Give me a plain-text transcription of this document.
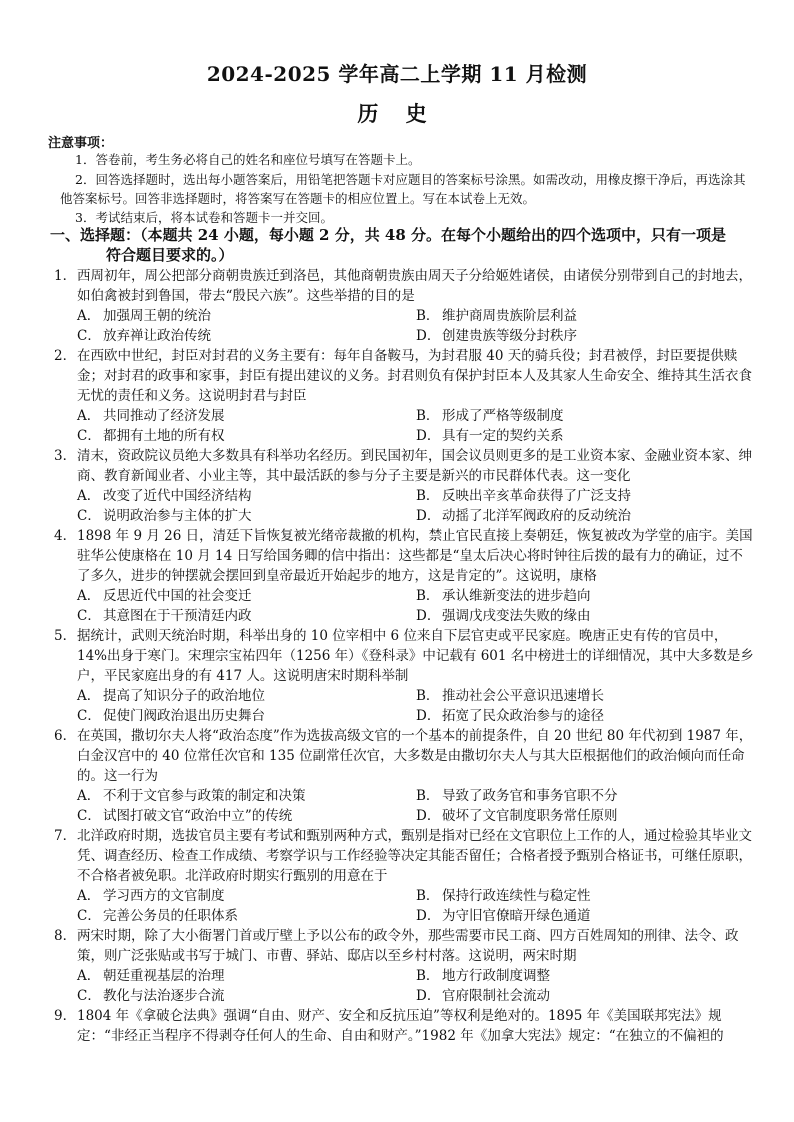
2024-2025 学年高二上学期 11 月检测
历 史
注意事项：
1．答卷前，考生务必将自己的姓名和座位号填写在答题卡上。
2．回答选择题时，选出每小题答案后，用铅笔把答题卡对应题目的答案标号涂黑。如需改动，用橡皮擦干净后，再选涂其他答案标号。回答非选择题时，将答案写在答题卡的相应位置上。写在本试卷上无效。
3．考试结束后，将本试卷和答题卡一并交回。
一、选择题：（本题共 24 小题，每小题 2 分，共 48 分。在每个小题给出的四个选项中，只有一项是
符合题目要求的。）
1． 西周初年，周公把部分商朝贵族迁到洛邑，其他商朝贵族由周天子分给姬姓诸侯，由诸侯分别带到自己的封地去，如伯禽被封到鲁国，带去“殷民六族”。这些举措的目的是
A． 加强周王朝的统治	B． 维护商周贵族阶层利益
C． 放弃禅让政治传统	D． 创建贵族等级分封秩序
2． 在西欧中世纪，封臣对封君的义务主要有：每年自备鞍马，为封君服 40 天的骑兵役；封君被俘，封臣要提供赎金；对封君的政事和家事，封臣有提出建议的义务。封君则负有保护封臣本人及其家人生命安全、维持其生活衣食无忧的责任和义务。这说明封君与封臣
A． 共同推动了经济发展	B． 形成了严格等级制度
C． 都拥有土地的所有权	D． 具有一定的契约关系
3． 清末，资政院议员绝大多数具有科举功名经历。到民国初年，国会议员则更多的是工业资本家、金融业资本家、绅商、教育新闻业者、小业主等，其中最活跃的参与分子主要是新兴的市民群体代表。这一变化
A． 改变了近代中国经济结构	B． 反映出辛亥革命获得了广泛支持
C． 说明政治参与主体的扩大	D． 动摇了北洋军阀政府的反动统治
4． 1898 年 9 月 26 日，清廷下旨恢复被光绪帝裁撤的机构，禁止官民直接上奏朝廷，恢复被改为学堂的庙宇。美国驻华公使康格在 10 月 14 日写给国务卿的信中指出：这些都是“皇太后决心将时钟往后拨的最有力的确证，过不了多久，进步的钟摆就会摆回到皇帝最近开始起步的地方，这是肯定的”。这说明，康格
A． 反思近代中国的社会变迁	B． 承认维新变法的进步趋向
C． 其意图在于干预清廷内政	D． 强调戊戌变法失败的缘由
5． 据统计，武则天统治时期，科举出身的 10 位宰相中 6 位来自下层官吏或平民家庭。晚唐正史有传的官员中，14%出身于寒门。宋理宗宝祐四年（1256 年）《登科录》中记载有 601 名中榜进士的详细情况，其中大多数是乡户，平民家庭出身的有 417 人。这说明唐宋时期科举制
A． 提高了知识分子的政治地位	B． 推动社会公平意识迅速增长
C． 促使门阀政治退出历史舞台	D． 拓宽了民众政治参与的途径
6． 在英国，撒切尔夫人将“政治态度”作为选拔高级文官的一个基本的前提条件，自 20 世纪 80 年代初到 1987 年，白金汉宫中的 40 位常任次官和 135 位副常任次官，大多数是由撒切尔夫人与其大臣根据他们的政治倾向而任命的。这一行为
A． 不利于文官参与政策的制定和决策	B． 导致了政务官和事务官职不分
C． 试图打破文官“政治中立”的传统	D． 破坏了文官制度职务常任原则
7． 北洋政府时期，选拔官员主要有考试和甄别两种方式，甄别是指对已经在文官职位上工作的人，通过检验其毕业文凭、调查经历、检查工作成绩、考察学识与工作经验等决定其能否留任；合格者授予甄别合格证书，可继任原职，不合格者被免职。北洋政府时期实行甄别的用意在于
A． 学习西方的文官制度	B． 保持行政连续性与稳定性
C． 完善公务员的任职体系	D． 为守旧官僚暗开绿色通道
8． 两宋时期，除了大小衙署门首或厅壁上予以公布的政令外，那些需要市民工商、四方百姓周知的刑律、法令、政策，则广泛张贴或书写于城门、市曹、驿站、邸店以至乡村村落。这说明，两宋时期
A． 朝廷重视基层的治理	B． 地方行政制度调整
C． 教化与法治逐步合流	D． 官府限制社会流动
9． 1804 年《拿破仑法典》强调“自由、财产、安全和反抗压迫”等权利是绝对的。1895 年《美国联邦宪法》规定：“非经正当程序不得剥夺任何人的生命、自由和财产。”1982 年《加拿大宪法》规定：“在独立的不偏袒的
